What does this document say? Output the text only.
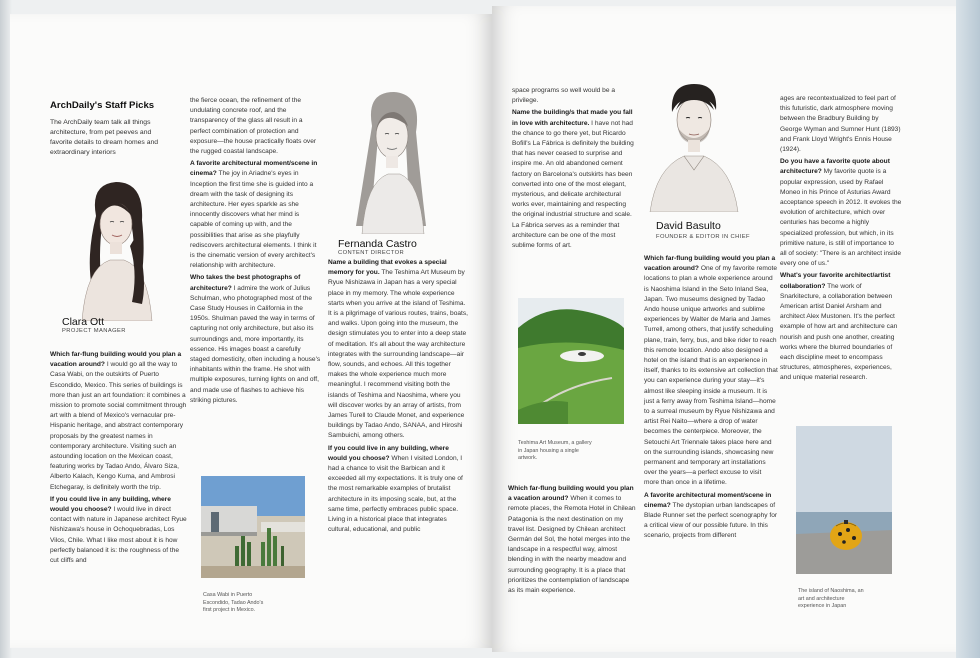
ArchDaily's Staff Picks
The ArchDaily team talk all things architecture, from pet peeves and favorite details to dream homes and extraordinary interiors
Clara Ott
PROJECT MANAGER

Which far-flung building would you plan a vacation around? I would go all the way to Casa Wabi, on the outskirts of Puerto Escondido, Mexico. This series of buildings is more than just an art foundation: it combines a mission to promote social commitment through art with a blend of Mexico's vernacular pre-Hispanic heritage, and abstract contemporary proposals by the greatest names in contemporary architecture. Visiting such an astounding location on the Mexican coast, featuring works by Tadao Ando, Álvaro Siza, Alberto Kalach, Kengo Kuma, and Ambrosi Etchegaray, is definitely worth the trip.

If you could live in any building, where would you choose? I would live in direct contact with nature in Japanese architect Ryue Nishizawa's house in Ochoquebradas, Los Vilos, Chile. What I like most about it is how perfectly balanced it is: the roughness of the cut cliffs and

the fierce ocean, the refinement of the undulating concrete roof, and the transparency of the glass all result in a perfect combination of protection and exposure—the house practically floats over the rugged coastal landscape.

A favorite architectural moment/scene in cinema? The joy in Ariadne's eyes in Inception the first time she is guided into a dream with the task of designing its architecture. Her eyes sparkle as she innocently discovers what her mind is capable of coming up with, and the possibilities that arise as she playfully rediscovers architectural elements. I think it is the cinematic version of every architect's relationship with architecture.

Who takes the best photographs of architecture? I admire the work of Julius Schulman, who photographed most of the Case Study Houses in California in the 1950s. Shulman paved the way in terms of capturing not only architecture, but also its surroundings and, more importantly, its essence. His images boast a carefully staged domesticity, often including a house's inhabitants within the frame. He shot with multiple exposures, turning lights on and off, and made use of flashes to achieve his striking pictures.

Casa Wabi in Puerto Escondido, Tadao Ando's first project in Mexico.
Fernanda Castro
CONTENT DIRECTOR

Name a building that evokes a special memory for you. The Teshima Art Museum by Ryue Nishizawa in Japan has a very special place in my memory. The whole experience starts when you arrive at the island of Teshima. It is a pilgrimage of various routes, trains, boats, and walks. Upon going into the museum, the design stimulates you to enter into a deep state of meditation. It's all about the way architecture integrates with the surrounding landscape—air flow, sounds, and echoes. All this together makes the whole experience much more meaningful. I recommend visiting both the islands of Teshima and Naoshima, where you will discover works by an array of artists, from James Turell to Claude Monet, and experience buildings by Tadao Ando, SANAA, and Hiroshi Sambuichi, among others.

If you could live in any building, where would you choose? When I visited London, I had a chance to visit the Barbican and it exceeded all my expectations. It is truly one of the most remarkable examples of brutalist architecture in its imposing scale, but, at the same time, perfectly embraces public space. Living in a historical place that integrates cultural, educational, and public

space programs so well would be a privilege.

Name the building/s that made you fall in love with architecture. I have not had the chance to go there yet, but Ricardo Bofill's La Fábrica is definitely the building that has never ceased to surprise and inspire me. An old abandoned cement factory on Barcelona's outskirts has been converted into one of the most elegant, mysterious, and delicate architectural works ever, maintaining and respecting the original industrial structure and scale. La Fábrica serves as a reminder that architecture can be one of the most sublime forms of art.

Teshima Art Museum, a gallery in Japan housing a single artwork.

Which far-flung building would you plan a vacation around? When it comes to remote places, the Remota Hotel in Chilean Patagonia is the next destination on my travel list. Designed by Chilean architect Germán del Sol, the hotel merges into the landscape in a respectful way, almost blending in with the nearby meadow and surrounding geography. It is a place that prioritizes the contemplation of landscape as its main experience.

David Basulto
FOUNDER & EDITOR IN CHIEF

Which far-flung building would you plan a vacation around? One of my favorite remote locations to plan a whole experience around is Naoshima Island in the Seto Inland Sea, Japan. Two museums designed by Tadao Ando house unique artworks and sublime experiences by Walter de Maria and James Turrell, among others, that justify scheduling plane, train, ferry, bus, and bike rider to reach this remote location. Ando also designed a hotel on the island that is an experience in itself, thanks to its extensive art collection that you can experience during your stay—it's almost like sleeping inside a museum. It is just a ferry away from Teshima Island—home to a surreal museum by Ryue Nishizawa and artist Rei Naito—where a drop of water becomes the centerpiece. Moreover, the Setouchi Art Triennale takes place here and on the surrounding islands, showcasing new permanent and temporary art installations over the years—a perfect excuse to visit more than once in a lifetime.

A favorite architectural moment/scene in cinema? The dystopian urban landscapes of Blade Runner set the perfect scenography for a critical view of our possible future. In this scenario, projects from different

ages are recontextualized to feel part of this futuristic, dark atmosphere moving between the Bradbury Building by George Wyman and Sumner Hunt (1893) and Frank Lloyd Wright's Ennis House (1924).

Do you have a favorite quote about architecture? My favorite quote is a popular expression, used by Rafael Moneo in his Prince of Asturias Award acceptance speech in 2012. It evokes the evolution of architecture, which over centuries has become a highly specialized profession, but which, in its primitive nature, is still of importance to all of society: "There is an architect inside every one of us."

What's your favorite architect/artist collaboration? The work of Snarkitecture, a collaboration between American artist Daniel Arsham and architect Alex Mustonen. It's the perfect example of how art and architecture can nourish and push one another, creating works where the blurred boundaries of each discipline meet to encompass structures, atmospheres, experiences, and unique material research.

The island of Naoshima, an art and architecture experience in Japan
